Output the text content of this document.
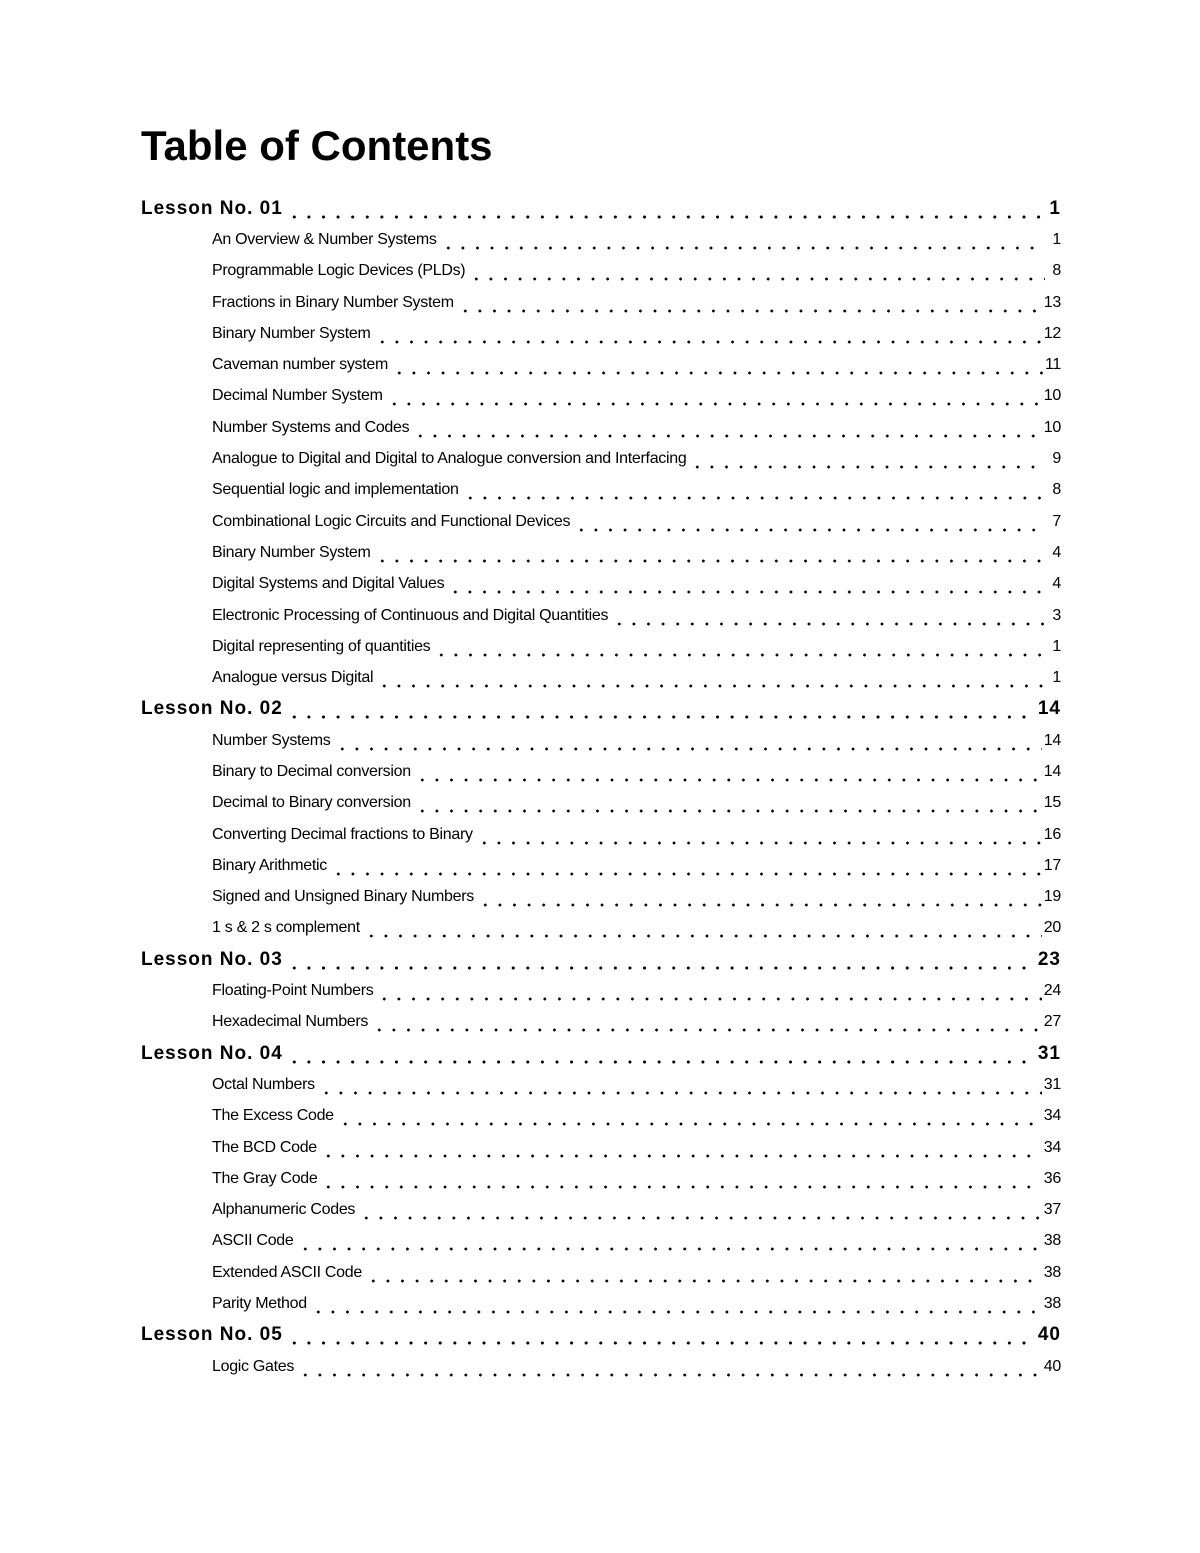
Table of Contents
Lesson No. 01	1
An Overview & Number Systems	1
Programmable Logic Devices (PLDs)	8
Fractions in Binary Number System	13
Binary Number System	12
Caveman number system	11
Decimal Number System	10
Number Systems and Codes	10
Analogue to Digital and Digital to Analogue conversion and Interfacing	9
Sequential logic and implementation	8
Combinational Logic Circuits and Functional Devices	7
Binary Number System	4
Digital Systems and Digital Values	4
Electronic Processing of Continuous and Digital Quantities	3
Digital representing of quantities	1
Analogue versus Digital	1
Lesson No. 02	14
Number Systems	14
Binary to Decimal conversion	14
Decimal to Binary conversion	15
Converting Decimal fractions to Binary	16
Binary Arithmetic	17
Signed and Unsigned Binary Numbers	19
1 s & 2 s complement	20
Lesson No. 03	23
Floating-Point Numbers	24
Hexadecimal Numbers	27
Lesson No. 04	31
Octal Numbers	31
The Excess Code	34
The BCD Code	34
The Gray Code	36
Alphanumeric Codes	37
ASCII Code	38
Extended ASCII Code	38
Parity Method	38
Lesson No. 05	40
Logic Gates	40
